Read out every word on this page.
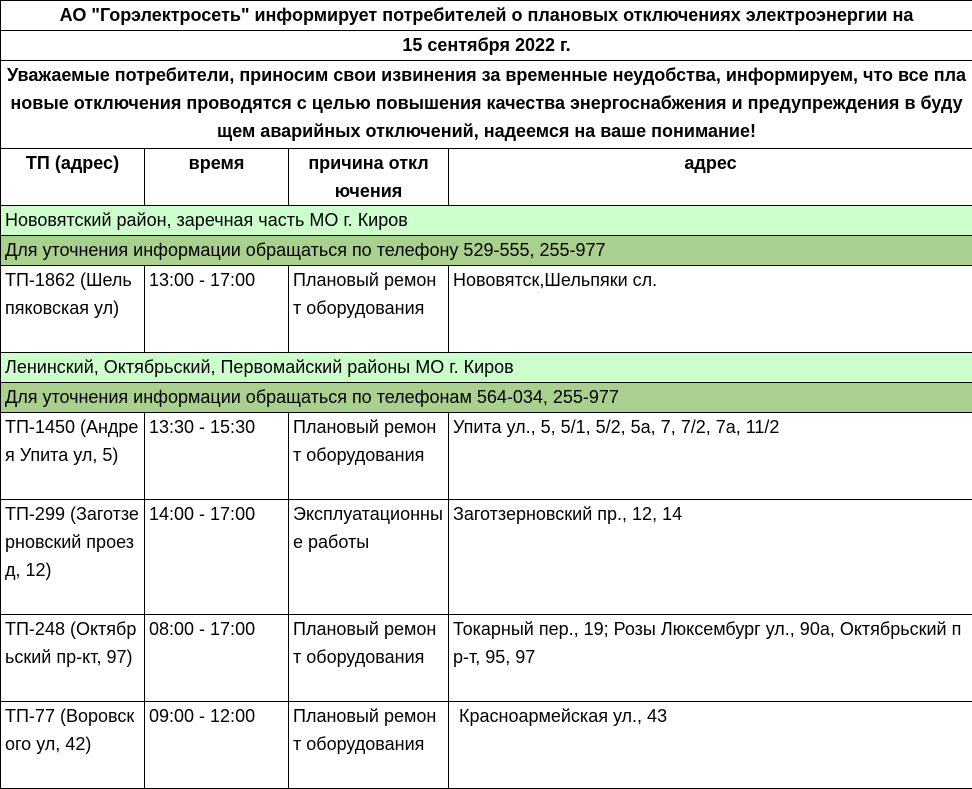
АО "Горэлектросеть" информирует потребителей о плановых отключениях электроэнергии на			
15 сентября 2022 г.			
Уважаемые потребители, приносим свои извинения за временные неудобства, информируем, что все плановые отключения проводятся с целью повышения качества энергоснабжения и предупреждения в будущем аварийных отключений, надеемся на ваше понимание!			
ТП (адрес)	время	причина отключения	адрес
Нововятский район, заречная часть МО г. Киров			
Для уточнения информации обращаться по телефону 529-555, 255-977			
ТП-1862 (Шельпяковская ул)	13:00 - 17:00	Плановый ремонт оборудования	Нововятск,Шельпяки сл.
Ленинский, Октябрьский, Первомайский районы МО г. Киров			
Для уточнения информации обращаться по телефонам 564-034, 255-977			
ТП-1450 (Андрея Упита ул, 5)	13:30 - 15:30	Плановый ремонт оборудования	Упита ул., 5, 5/1, 5/2, 5а, 7, 7/2, 7а, 11/2
ТП-299 (Заготзерновский проезд, 12)	14:00 - 17:00	Эксплуатационные работы	Заготзерновский пр., 12, 14
ТП-248 (Октябрьский пр-кт, 97)	08:00 - 17:00	Плановый ремонт оборудования	Токарный пер., 19; Розы Люксембург ул., 90а, Октябрьский пр-т, 95, 97
ТП-77 (Воровского ул, 42)	09:00 - 12:00	Плановый ремонт оборудования	Красноармейская ул., 43
